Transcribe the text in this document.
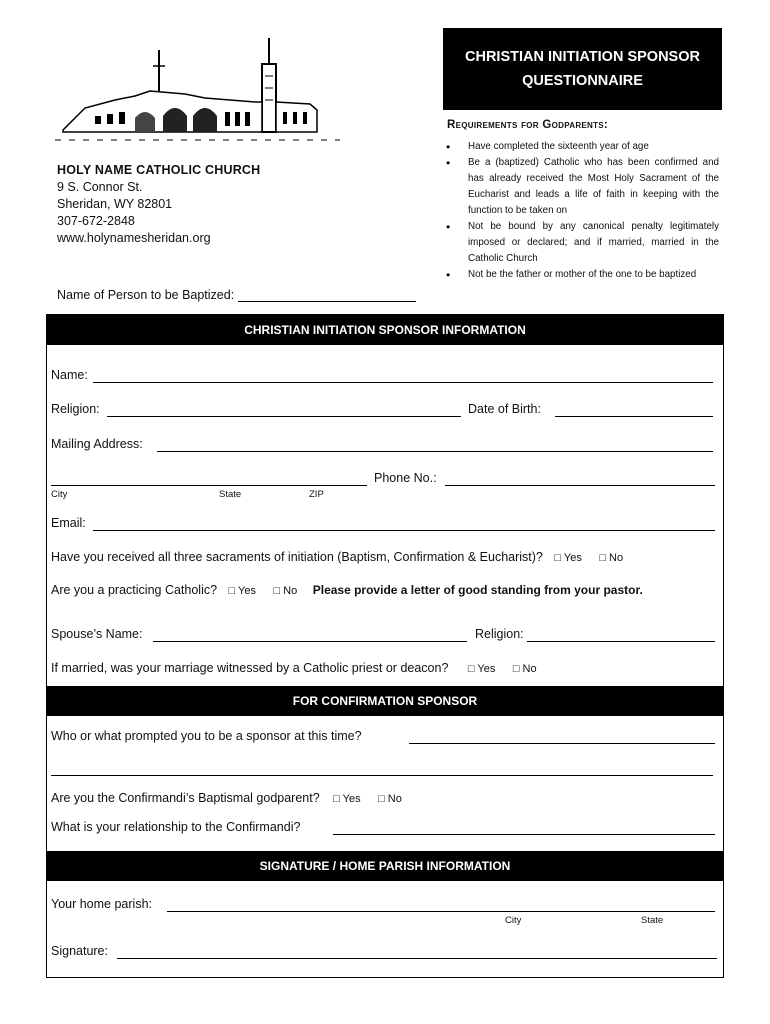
HOLY NAME CATHOLIC CHURCH
9 S. Connor St.
Sheridan, WY 82801
307-672-2848
www.holynamesheridan.org
CHRISTIAN INITIATION SPONSOR
QUESTIONNAIRE
Requirements for Godparents:
• Have completed the sixteenth year of age
• Be a (baptized) Catholic who has been confirmed and has already received the Most Holy Sacrament of the Eucharist and leads a life of faith in keeping with the function to be taken on
• Not be bound by any canonical penalty legitimately imposed or declared; and if married, married in the Catholic Church
• Not be the father or mother of the one to be baptized
Name of Person to be Baptized:
CHRISTIAN INITIATION SPONSOR INFORMATION
Name:
Religion:	Date of Birth:
Mailing Address:
Phone No.:
City	State	ZIP
Email:
Have you received all three sacraments of initiation (Baptism, Confirmation & Eucharist)? □ Yes □ No
Are you a practicing Catholic? □ Yes □ No Please provide a letter of good standing from your pastor.
Spouse’s Name:	Religion:
If married, was your marriage witnessed by a Catholic priest or deacon? □ Yes □ No
FOR CONFIRMATION SPONSOR
Who or what prompted you to be a sponsor at this time?
Are you the Confirmandi’s Baptismal godparent? □ Yes □ No
What is your relationship to the Confirmandi?
SIGNATURE / HOME PARISH INFORMATION
Your home parish:
City	State
Signature:
